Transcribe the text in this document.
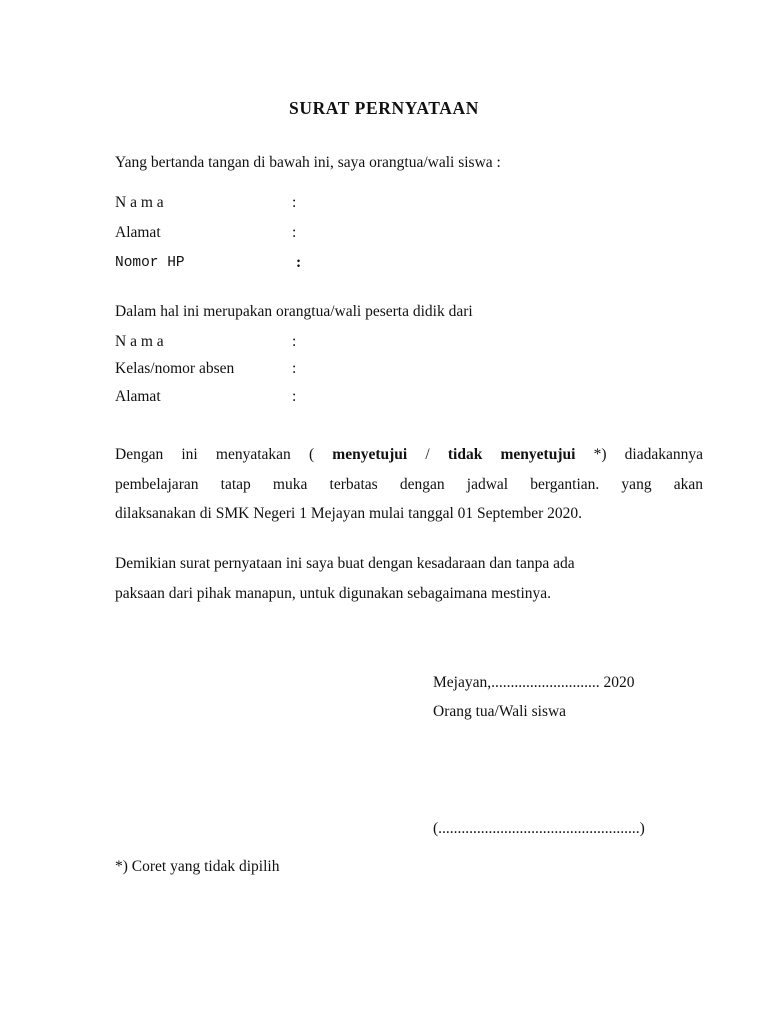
SURAT PERNYATAAN
Yang bertanda tangan di bawah ini, saya orangtua/wali siswa :
N a m a	:
Alamat	:
Nomor HP	:
Dalam hal ini merupakan orangtua/wali peserta didik dari
N a m a	:
Kelas/nomor absen	:
Alamat	:
Dengan ini menyatakan ( menyetujui / tidak menyetujui *) diadakannya
pembelajaran tatap muka terbatas dengan jadwal bergantian. yang akan
dilaksanakan di SMK Negeri 1 Mejayan mulai tanggal 01 September 2020.
Demikian surat pernyataan ini saya buat dengan kesadaraan dan tanpa ada
paksaan dari pihak manapun, untuk digunakan sebagaimana mestinya.
Mejayan,............................ 2020
Orang tua/Wali siswa
(....................................................)
*) Coret yang tidak dipilih
